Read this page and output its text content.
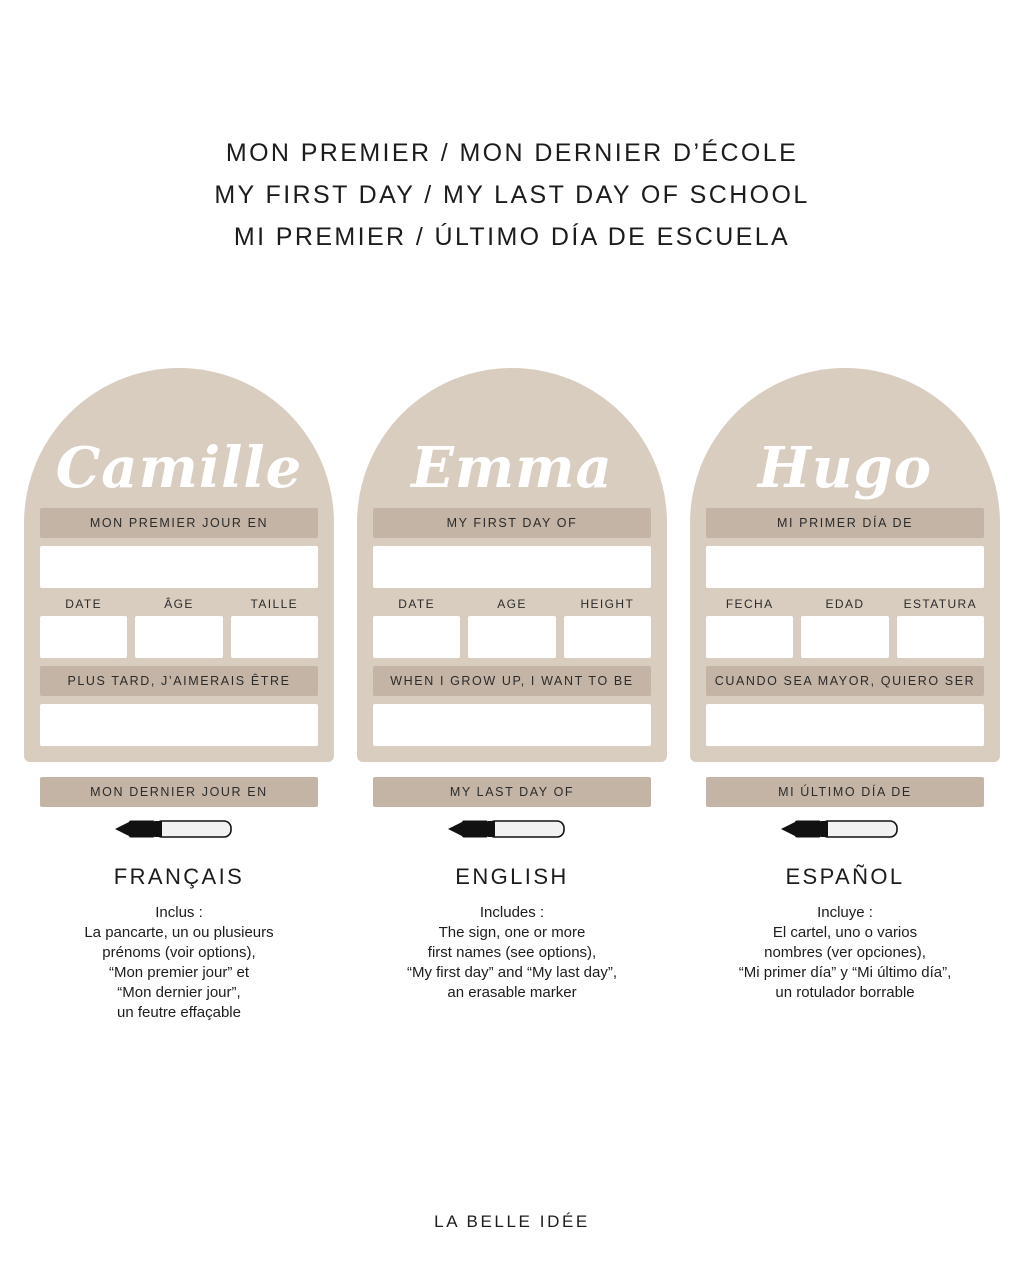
MON PREMIER / MON DERNIER D’ÉCOLE
MY FIRST DAY / MY LAST DAY OF SCHOOL
MI PREMIER / ÚLTIMO DÍA DE ESCUELA
Camille
MON PREMIER JOUR EN
DATE	ÂGE	TAILLE
PLUS TARD, J’AIMERAIS ÊTRE
MON DERNIER JOUR EN
FRANÇAIS
Inclus :
La pancarte, un ou plusieurs
prénoms (voir options),
“Mon premier jour” et
“Mon dernier jour”,
un feutre effaçable
Emma
MY FIRST DAY OF
DATE	AGE	HEIGHT
WHEN I GROW UP, I WANT TO BE
MY LAST DAY OF
ENGLISH
Includes :
The sign, one or more
first names (see options),
“My first day” and “My last day”,
an erasable marker
Hugo
MI PRIMER DÍA DE
FECHA	EDAD	ESTATURA
CUANDO SEA MAYOR, QUIERO SER
MI ÚLTIMO DÍA DE
ESPAÑOL
Incluye :
El cartel, uno o varios
nombres (ver opciones),
“Mi primer día” y “Mi último día”,
un rotulador borrable
LA BELLE IDÉE
